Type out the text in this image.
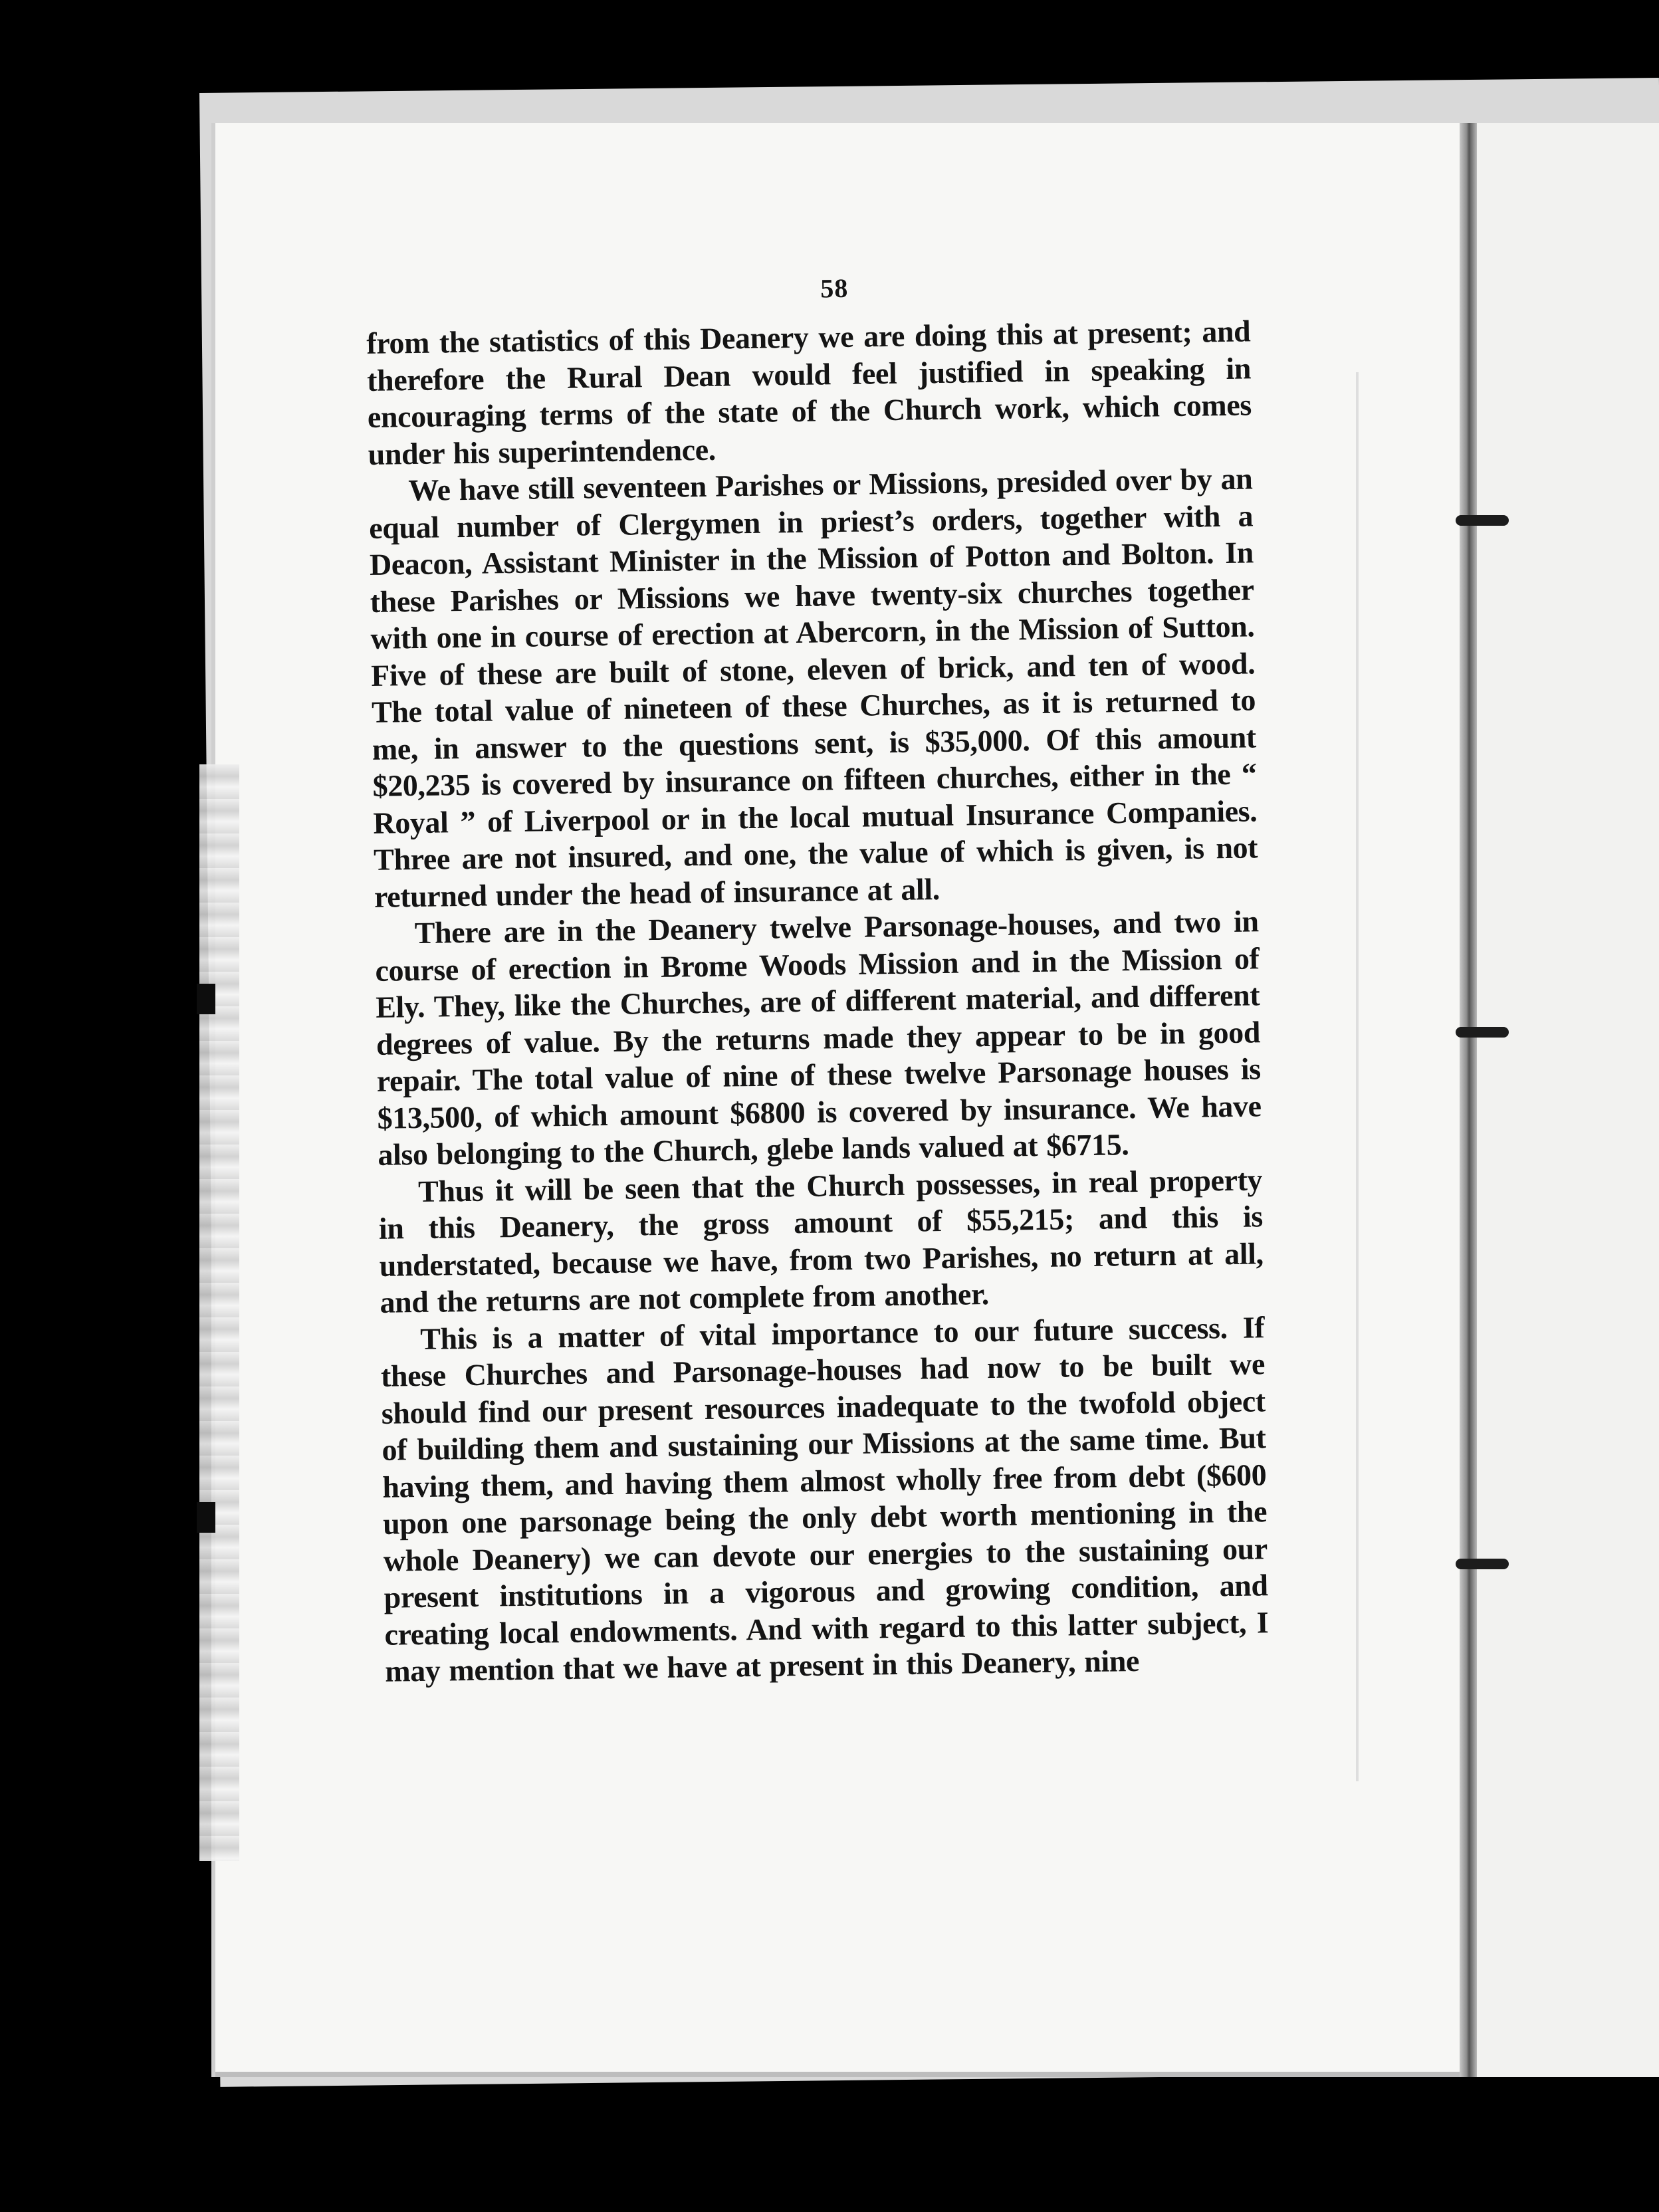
58

from the statistics of this Deanery we are doing this at present; and therefore the Rural Dean would feel justified in speaking in encouraging terms of the state of the Church work, which comes under his superintendence.

We have still seventeen Parishes or Missions, presided over by an equal number of Clergymen in priest’s orders, together with a Deacon, Assistant Minister in the Mission of Potton and Bolton. In these Parishes or Missions we have twenty-six churches together with one in course of erection at Abercorn, in the Mission of Sutton. Five of these are built of stone, eleven of brick, and ten of wood. The total value of nineteen of these Churches, as it is returned to me, in answer to the questions sent, is $35,000. Of this amount $20,235 is covered by insurance on fifteen churches, either in the “ Royal ” of Liverpool or in the local mutual Insurance Companies. Three are not insured, and one, the value of which is given, is not returned under the head of insurance at all.

There are in the Deanery twelve Parsonage-houses, and two in course of erection in Brome Woods Mission and in the Mission of Ely. They, like the Churches, are of different material, and different degrees of value. By the returns made they appear to be in good repair. The total value of nine of these twelve Parsonage houses is $13,500, of which amount $6800 is covered by insurance. We have also belonging to the Church, glebe lands valued at $6715.

Thus it will be seen that the Church possesses, in real property in this Deanery, the gross amount of $55,215; and this is understated, because we have, from two Parishes, no return at all, and the returns are not complete from another.

This is a matter of vital importance to our future success. If these Churches and Parsonage-houses had now to be built we should find our present resources inadequate to the twofold object of building them and sustaining our Missions at the same time. But having them, and having them almost wholly free from debt ($600 upon one parsonage being the only debt worth mentioning in the whole Deanery) we can devote our energies to the sustaining our present institutions in a vigorous and growing condition, and creating local endowments. And with regard to this latter subject, I may mention that we have at present in this Deanery, nine
